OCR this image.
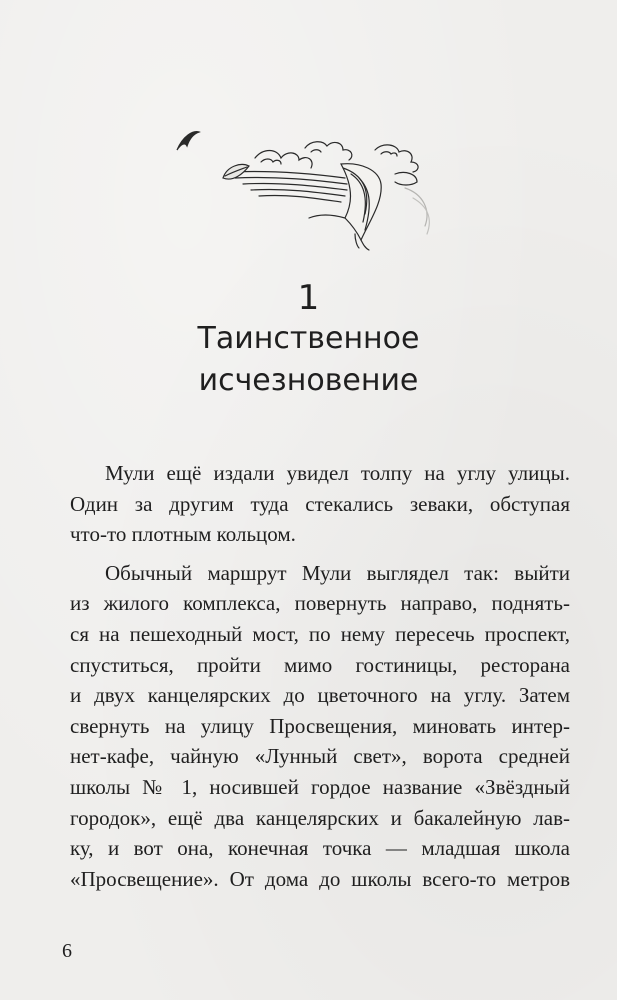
1
Таинственное
исчезновение
Мули ещё издали увидел толпу на углу улицы.
Один за другим туда стекались зеваки, обступая
что-то плотным кольцом.
Обычный маршрут Мули выглядел так: выйти
из жилого комплекса, повернуть направо, поднять-
ся на пешеходный мост, по нему пересечь проспект,
спуститься, пройти мимо гостиницы, ресторана
и двух канцелярских до цветочного на углу. Затем
свернуть на улицу Просвещения, миновать интер-
нет-кафе, чайную «Лунный свет», ворота средней
школы № 1, носившей гордое название «Звёздный
городок», ещё два канцелярских и бакалейную лав-
ку, и вот она, конечная точка — младшая школа
«Просвещение». От дома до школы всего-то метров
6
